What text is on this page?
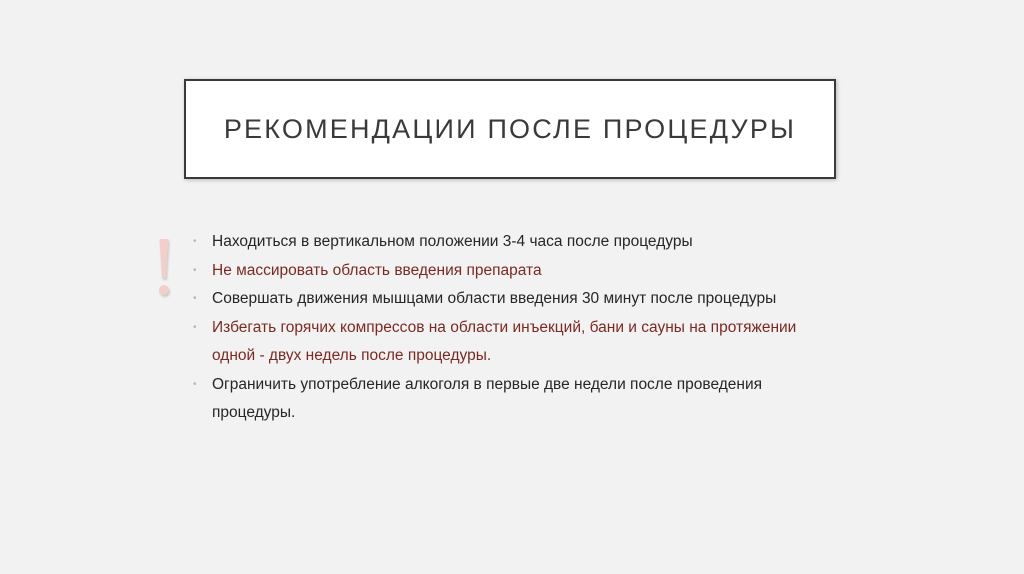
РЕКОМЕНДАЦИИ ПОСЛЕ ПРОЦЕДУРЫ
! • Находиться в вертикальном положении 3-4 часа после процедуры
• Не массировать область введения препарата
• Совершать движения мышцами области введения 30 минут после процедуры
• Избегать горячих компрессов на области инъекций, бани и сауны на протяжении одной - двух недель после процедуры.
• Ограничить употребление алкоголя в первые две недели после проведения процедуры.
